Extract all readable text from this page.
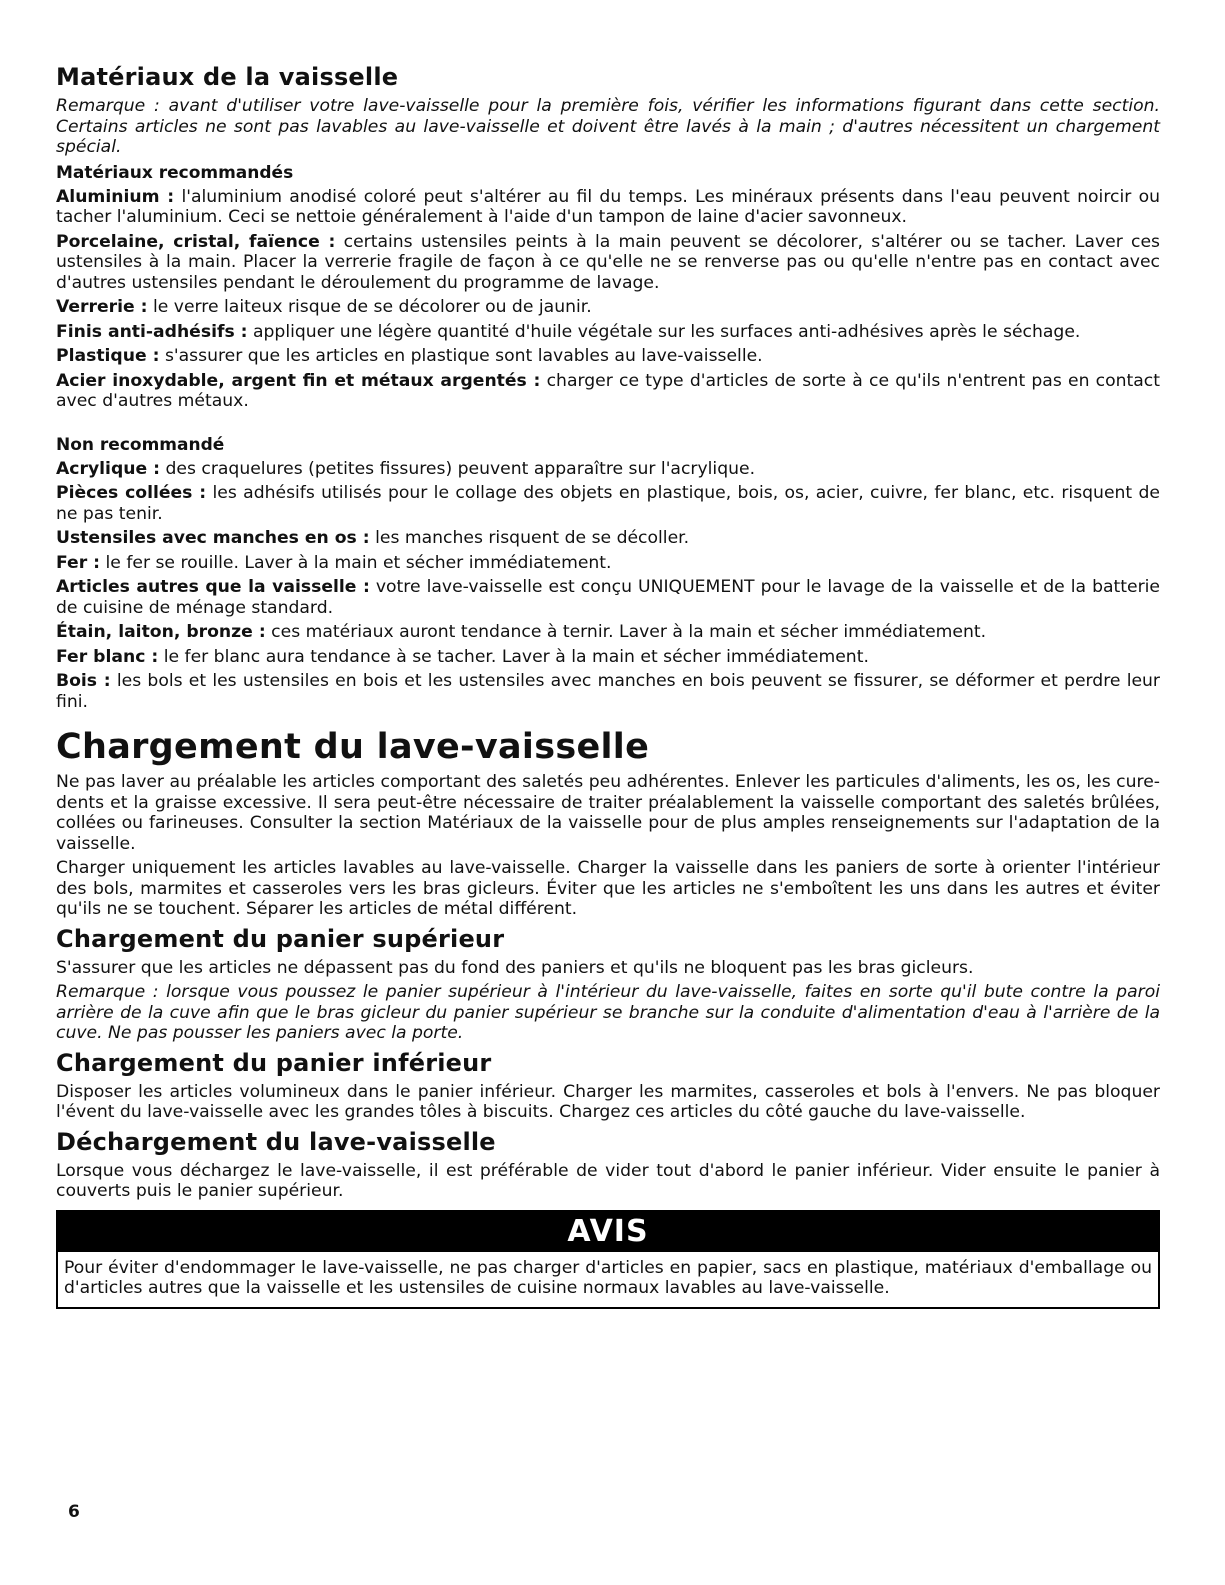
Matériaux de la vaisselle

Remarque : avant d'utiliser votre lave-vaisselle pour la première fois, vérifier les informations figurant dans cette section. Certains articles ne sont pas lavables au lave-vaisselle et doivent être lavés à la main ; d'autres nécessitent un chargement spécial.

Matériaux recommandés

Aluminium : l'aluminium anodisé coloré peut s'altérer au fil du temps. Les minéraux présents dans l'eau peuvent noircir ou tacher l'aluminium. Ceci se nettoie généralement à l'aide d'un tampon de laine d'acier savonneux.

Porcelaine, cristal, faïence : certains ustensiles peints à la main peuvent se décolorer, s'altérer ou se tacher. Laver ces ustensiles à la main. Placer la verrerie fragile de façon à ce qu'elle ne se renverse pas ou qu'elle n'entre pas en contact avec d'autres ustensiles pendant le déroulement du programme de lavage.

Verrerie : le verre laiteux risque de se décolorer ou de jaunir.

Finis anti-adhésifs : appliquer une légère quantité d'huile végétale sur les surfaces anti-adhésives après le séchage.

Plastique : s'assurer que les articles en plastique sont lavables au lave-vaisselle.

Acier inoxydable, argent fin et métaux argentés : charger ce type d'articles de sorte à ce qu'ils n'entrent pas en contact avec d'autres métaux.

Non recommandé

Acrylique : des craquelures (petites fissures) peuvent apparaître sur l'acrylique.

Pièces collées : les adhésifs utilisés pour le collage des objets en plastique, bois, os, acier, cuivre, fer blanc, etc. risquent de ne pas tenir.

Ustensiles avec manches en os : les manches risquent de se décoller.

Fer : le fer se rouille. Laver à la main et sécher immédiatement.

Articles autres que la vaisselle : votre lave-vaisselle est conçu UNIQUEMENT pour le lavage de la vaisselle et de la batterie de cuisine de ménage standard.

Étain, laiton, bronze : ces matériaux auront tendance à ternir. Laver à la main et sécher immédiatement.

Fer blanc : le fer blanc aura tendance à se tacher. Laver à la main et sécher immédiatement.

Bois : les bols et les ustensiles en bois et les ustensiles avec manches en bois peuvent se fissurer, se déformer et perdre leur fini.

Chargement du lave-vaisselle

Ne pas laver au préalable les articles comportant des saletés peu adhérentes. Enlever les particules d'aliments, les os, les cure-dents et la graisse excessive. Il sera peut-être nécessaire de traiter préalablement la vaisselle comportant des saletés brûlées, collées ou farineuses. Consulter la section Matériaux de la vaisselle pour de plus amples renseignements sur l'adaptation de la vaisselle.

Charger uniquement les articles lavables au lave-vaisselle. Charger la vaisselle dans les paniers de sorte à orienter l'intérieur des bols, marmites et casseroles vers les bras gicleurs. Éviter que les articles ne s'emboîtent les uns dans les autres et éviter qu'ils ne se touchent. Séparer les articles de métal différent.

Chargement du panier supérieur

S'assurer que les articles ne dépassent pas du fond des paniers et qu'ils ne bloquent pas les bras gicleurs.

Remarque : lorsque vous poussez le panier supérieur à l'intérieur du lave-vaisselle, faites en sorte qu'il bute contre la paroi arrière de la cuve afin que le bras gicleur du panier supérieur se branche sur la conduite d'alimentation d'eau à l'arrière de la cuve. Ne pas pousser les paniers avec la porte.

Chargement du panier inférieur

Disposer les articles volumineux dans le panier inférieur. Charger les marmites, casseroles et bols à l'envers. Ne pas bloquer l'évent du lave-vaisselle avec les grandes tôles à biscuits. Chargez ces articles du côté gauche du lave-vaisselle.

Déchargement du lave-vaisselle

Lorsque vous déchargez le lave-vaisselle, il est préférable de vider tout d'abord le panier inférieur. Vider ensuite le panier à couverts puis le panier supérieur.

AVIS

Pour éviter d'endommager le lave-vaisselle, ne pas charger d'articles en papier, sacs en plastique, matériaux d'emballage ou d'articles autres que la vaisselle et les ustensiles de cuisine normaux lavables au lave-vaisselle.

6
